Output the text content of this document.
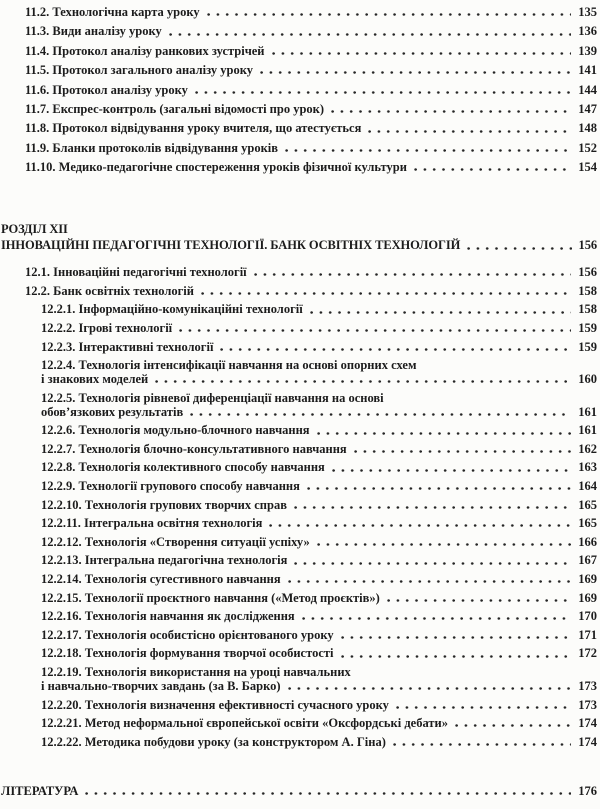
11.2. Технологічна карта уроку	135
11.3. Види аналізу уроку	136
11.4. Протокол аналізу ранкових зустрічей	139
11.5. Протокол загального аналізу уроку	141
11.6. Протокол аналізу уроку	144
11.7. Експрес-контроль (загальні відомості про урок)	147
11.8. Протокол відвідування уроку вчителя, що атестується	148
11.9. Бланки протоколів відвідування уроків	152
11.10. Медико-педагогічне спостереження уроків фізичної культури	154
РОЗДІЛ XII
ІННОВАЦІЙНІ ПЕДАГОГІЧНІ ТЕХНОЛОГІЇ. БАНК ОСВІТНІХ ТЕХНОЛОГІЙ	156
12.1. Інноваційні педагогічні технології	156
12.2. Банк освітніх технологій	158
12.2.1. Інформаційно-комунікаційні технології	158
12.2.2. Ігрові технології	159
12.2.3. Інтерактивні технології	159
12.2.4. Технологія інтенсифікації навчання на основі опорних схем
і знакових моделей	160
12.2.5. Технологія рівневої диференціації навчання на основі
обов’язкових результатів	161
12.2.6. Технологія модульно-блочного навчання	161
12.2.7. Технологія блочно-консультативного навчання	162
12.2.8. Технологія колективного способу навчання	163
12.2.9. Технології групового способу навчання	164
12.2.10. Технологія групових творчих справ	165
12.2.11. Інтегральна освітня технологія	165
12.2.12. Технологія «Створення ситуації успіху»	166
12.2.13. Інтегральна педагогічна технологія	167
12.2.14. Технологія сугестивного навчання	169
12.2.15. Технології проєктного навчання («Метод проєктів»)	169
12.2.16. Технологія навчання як дослідження	170
12.2.17. Технологія особистісно орієнтованого уроку	171
12.2.18. Технологія формування творчої особистості	172
12.2.19. Технологія використання на уроці навчальних
і навчально-творчих завдань (за В. Барко)	173
12.2.20. Технологія визначення ефективності сучасного уроку	173
12.2.21. Метод неформальної європейської освіти «Оксфордські дебати»	174
12.2.22. Методика побудови уроку (за конструктором А. Гіна)	174
ЛІТЕРАТУРА	176
